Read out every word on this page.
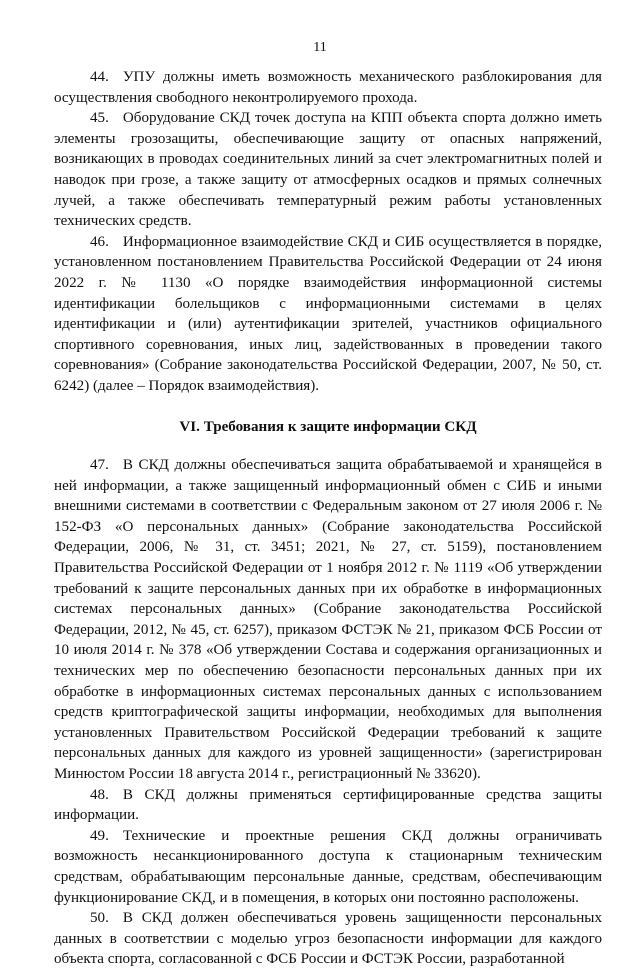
11

44. УПУ должны иметь возможность механического разблокирования для осуществления свободного неконтролируемого прохода.

45. Оборудование СКД точек доступа на КПП объекта спорта должно иметь элементы грозозащиты, обеспечивающие защиту от опасных напряжений, возникающих в проводах соединительных линий за счет электромагнитных полей и наводок при грозе, а также защиту от атмосферных осадков и прямых солнечных лучей, а также обеспечивать температурный режим работы установленных технических средств.

46. Информационное взаимодействие СКД и СИБ осуществляется в порядке, установленном постановлением Правительства Российской Федерации от 24 июня 2022 г. № 1130 «О порядке взаимодействия информационной системы идентификации болельщиков с информационными системами в целях идентификации и (или) аутентификации зрителей, участников официального спортивного соревнования, иных лиц, задействованных в проведении такого соревнования» (Собрание законодательства Российской Федерации, 2007, № 50, ст. 6242) (далее – Порядок взаимодействия).

VI. Требования к защите информации СКД

47. В СКД должны обеспечиваться защита обрабатываемой и хранящейся в ней информации, а также защищенный информационный обмен с СИБ и иными внешними системами в соответствии с Федеральным законом от 27 июля 2006 г. № 152-ФЗ «О персональных данных» (Собрание законодательства Российской Федерации, 2006, № 31, ст. 3451; 2021, № 27, ст. 5159), постановлением Правительства Российской Федерации от 1 ноября 2012 г. № 1119 «Об утверждении требований к защите персональных данных при их обработке в информационных системах персональных данных» (Собрание законодательства Российской Федерации, 2012, № 45, ст. 6257), приказом ФСТЭК № 21, приказом ФСБ России от 10 июля 2014 г. № 378 «Об утверждении Состава и содержания организационных и технических мер по обеспечению безопасности персональных данных при их обработке в информационных системах персональных данных с использованием средств криптографической защиты информации, необходимых для выполнения установленных Правительством Российской Федерации требований к защите персональных данных для каждого из уровней защищенности» (зарегистрирован Минюстом России 18 августа 2014 г., регистрационный № 33620).

48. В СКД должны применяться сертифицированные средства защиты информации.

49. Технические и проектные решения СКД должны ограничивать возможность несанкционированного доступа к стационарным техническим средствам, обрабатывающим персональные данные, средствам, обеспечивающим функционирование СКД, и в помещения, в которых они постоянно расположены.

50. В СКД должен обеспечиваться уровень защищенности персональных данных в соответствии с моделью угроз безопасности информации для каждого объекта спорта, согласованной с ФСБ России и ФСТЭК России, разработанной
